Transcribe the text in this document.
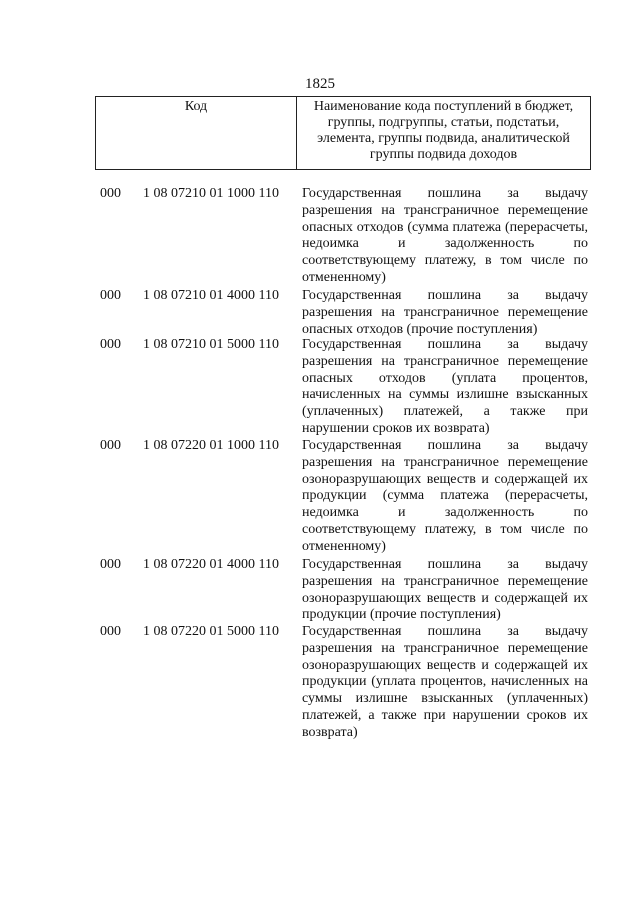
1825
Код	Наименование кода поступлений в бюджет, группы, подгруппы, статьи, подстатьи, элемента, группы подвида, аналитической группы подвида доходов
000	1 08 07210 01 1000 110	Государственная пошлина за выдачу разрешения на трансграничное перемещение опасных отходов (сумма платежа (перерасчеты, недоимка и задолженность по соответствующему платежу, в том числе по отмененному)
000	1 08 07210 01 4000 110	Государственная пошлина за выдачу разрешения на трансграничное перемещение опасных отходов (прочие поступления)
000	1 08 07210 01 5000 110	Государственная пошлина за выдачу разрешения на трансграничное перемещение опасных отходов (уплата процентов, начисленных на суммы излишне взысканных (уплаченных) платежей, а также при нарушении сроков их возврата)
000	1 08 07220 01 1000 110	Государственная пошлина за выдачу разрешения на трансграничное перемещение озоноразрушающих веществ и содержащей их продукции (сумма платежа (перерасчеты, недоимка и задолженность по соответствующему платежу, в том числе по отмененному)
000	1 08 07220 01 4000 110	Государственная пошлина за выдачу разрешения на трансграничное перемещение озоноразрушающих веществ и содержащей их продукции (прочие поступления)
000	1 08 07220 01 5000 110	Государственная пошлина за выдачу разрешения на трансграничное перемещение озоноразрушающих веществ и содержащей их продукции (уплата процентов, начисленных на суммы излишне взысканных (уплаченных) платежей, а также при нарушении сроков их возврата)
